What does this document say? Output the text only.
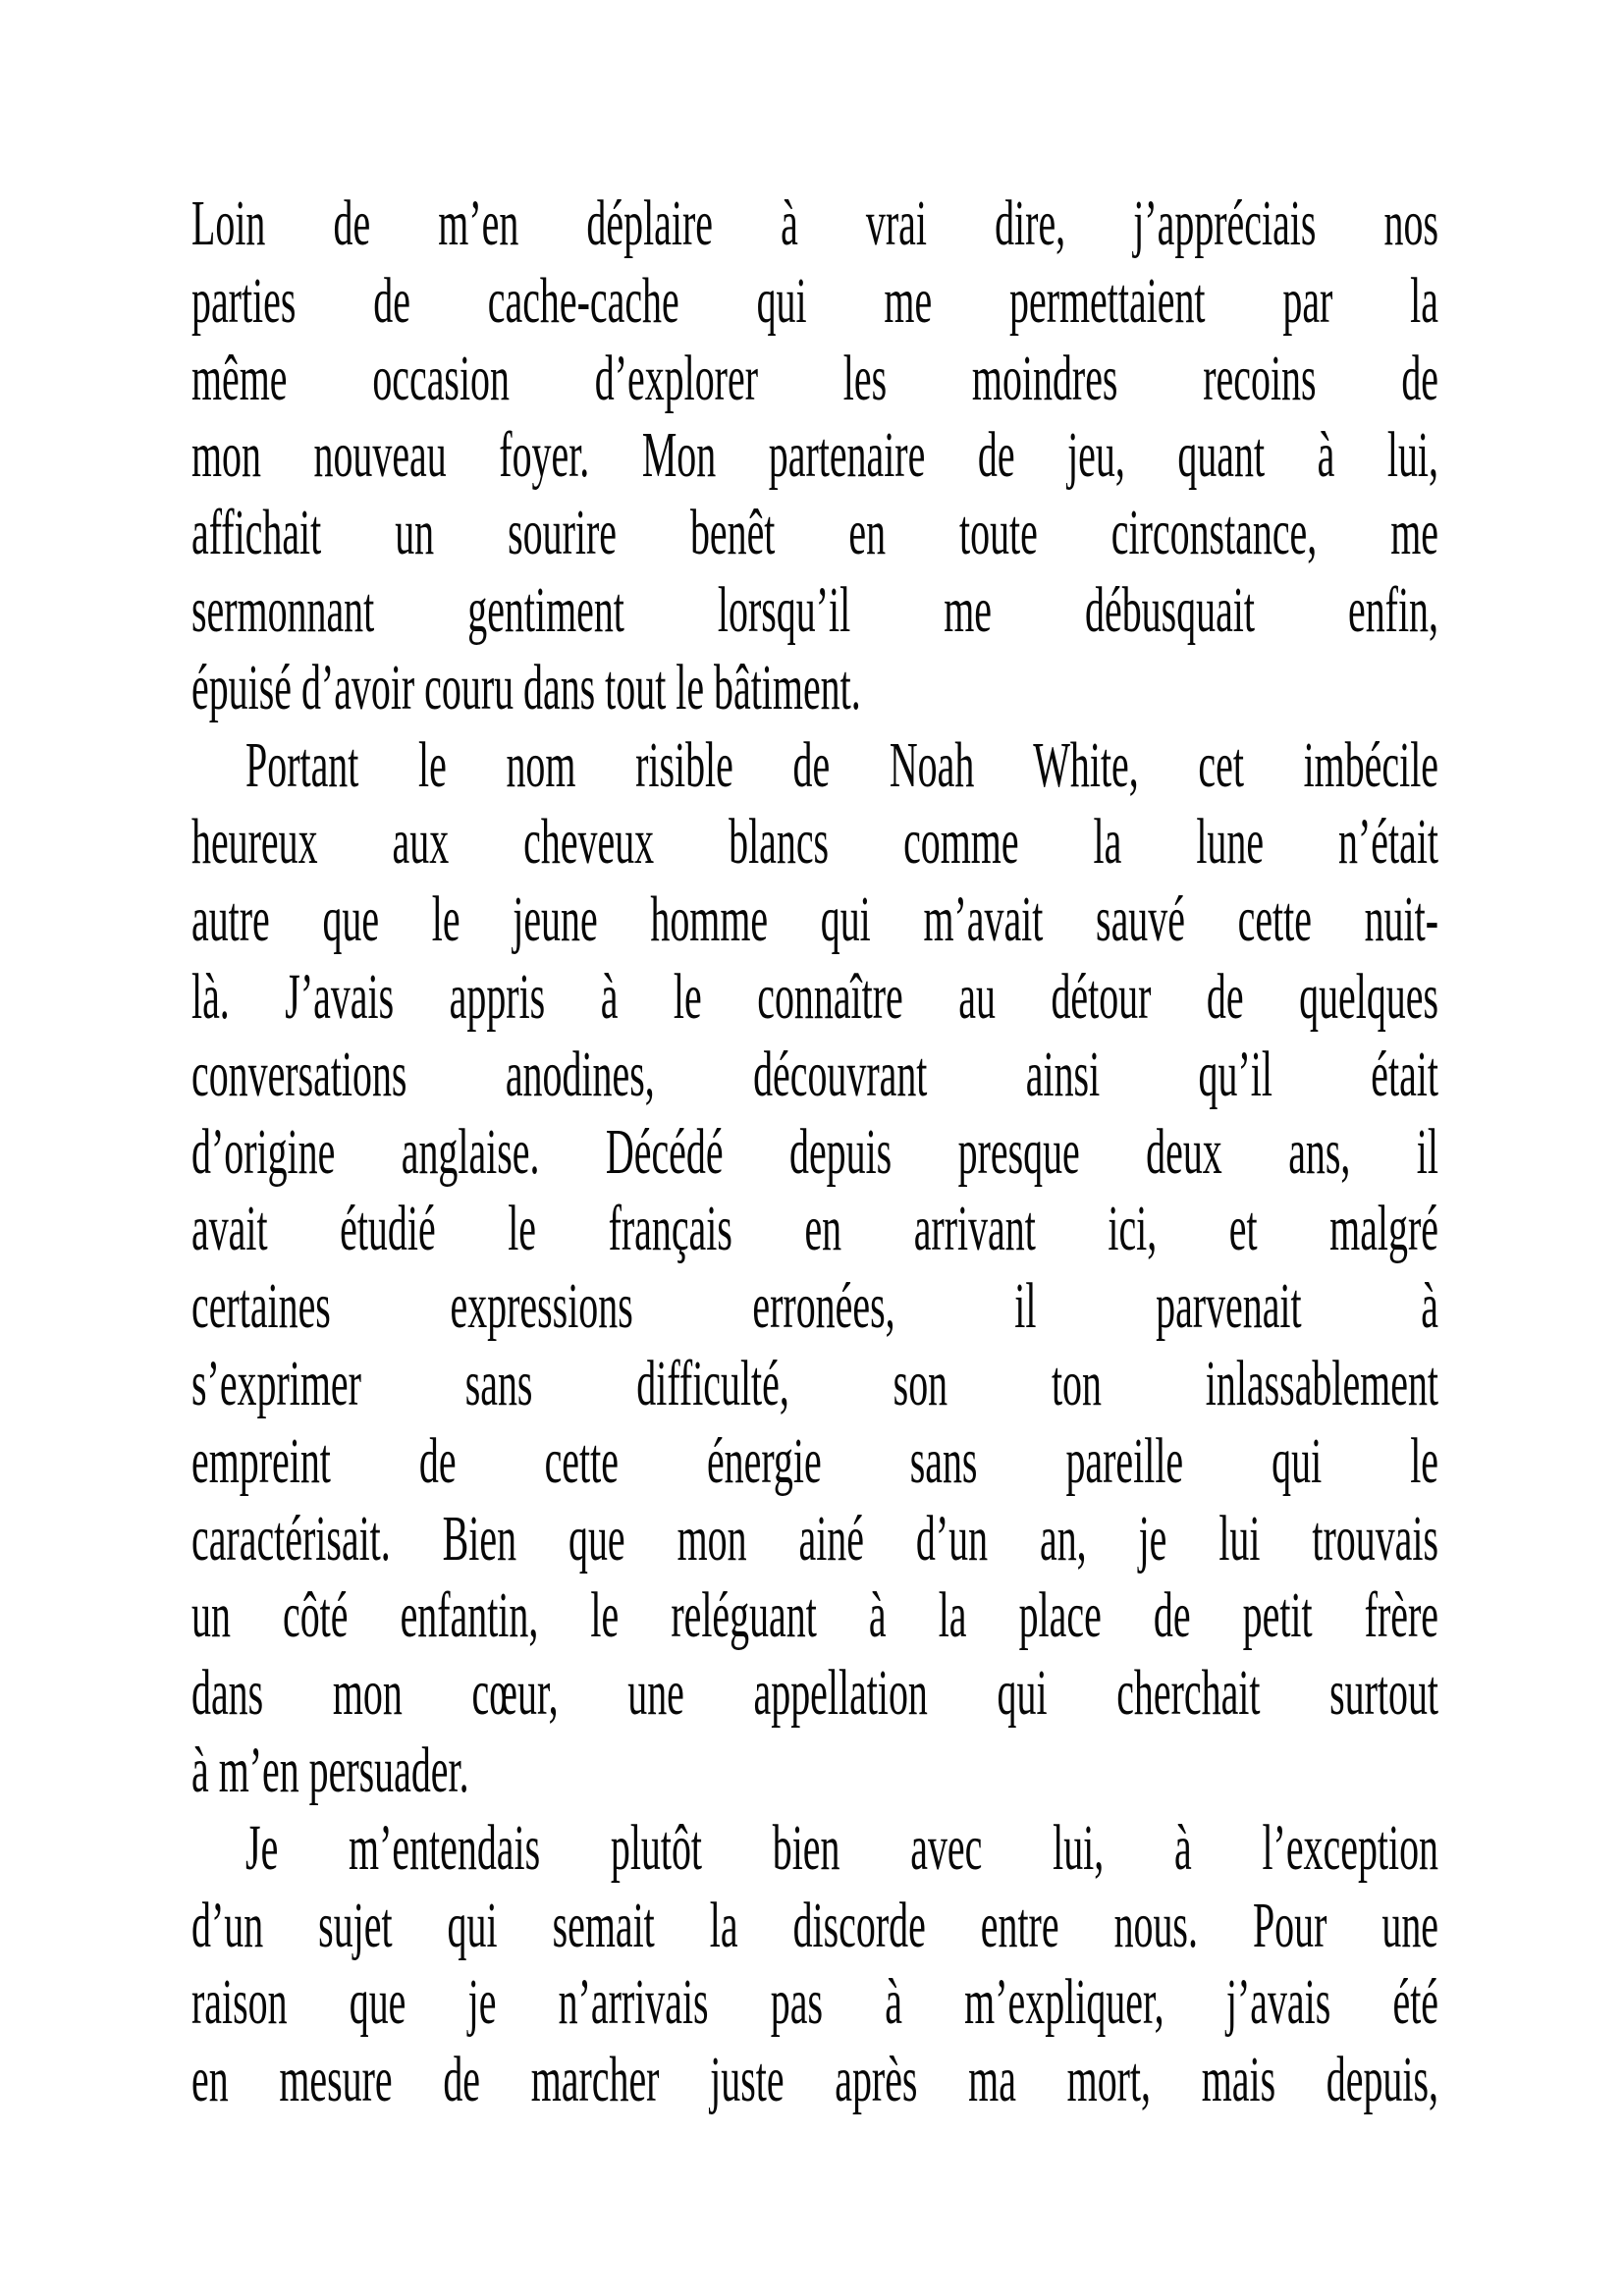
Loin de m’en déplaire à vrai dire, j’appréciais nos
parties de cache-cache qui me permettaient par la
même occasion d’explorer les moindres recoins de
mon nouveau foyer. Mon partenaire de jeu, quant à lui,
affichait un sourire benêt en toute circonstance, me
sermonnant gentiment lorsqu’il me débusquait enfin,
épuisé d’avoir couru dans tout le bâtiment.
Portant le nom risible de Noah White, cet imbécile
heureux aux cheveux blancs comme la lune n’était
autre que le jeune homme qui m’avait sauvé cette nuit-
là. J’avais appris à le connaître au détour de quelques
conversations anodines, découvrant ainsi qu’il était
d’origine anglaise. Décédé depuis presque deux ans, il
avait étudié le français en arrivant ici, et malgré
certaines expressions erronées, il parvenait à
s’exprimer sans difficulté, son ton inlassablement
empreint de cette énergie sans pareille qui le
caractérisait. Bien que mon ainé d’un an, je lui trouvais
un côté enfantin, le reléguant à la place de petit frère
dans mon cœur, une appellation qui cherchait surtout
à m’en persuader.
Je m’entendais plutôt bien avec lui, à l’exception
d’un sujet qui semait la discorde entre nous. Pour une
raison que je n’arrivais pas à m’expliquer, j’avais été
en mesure de marcher juste après ma mort, mais depuis,
